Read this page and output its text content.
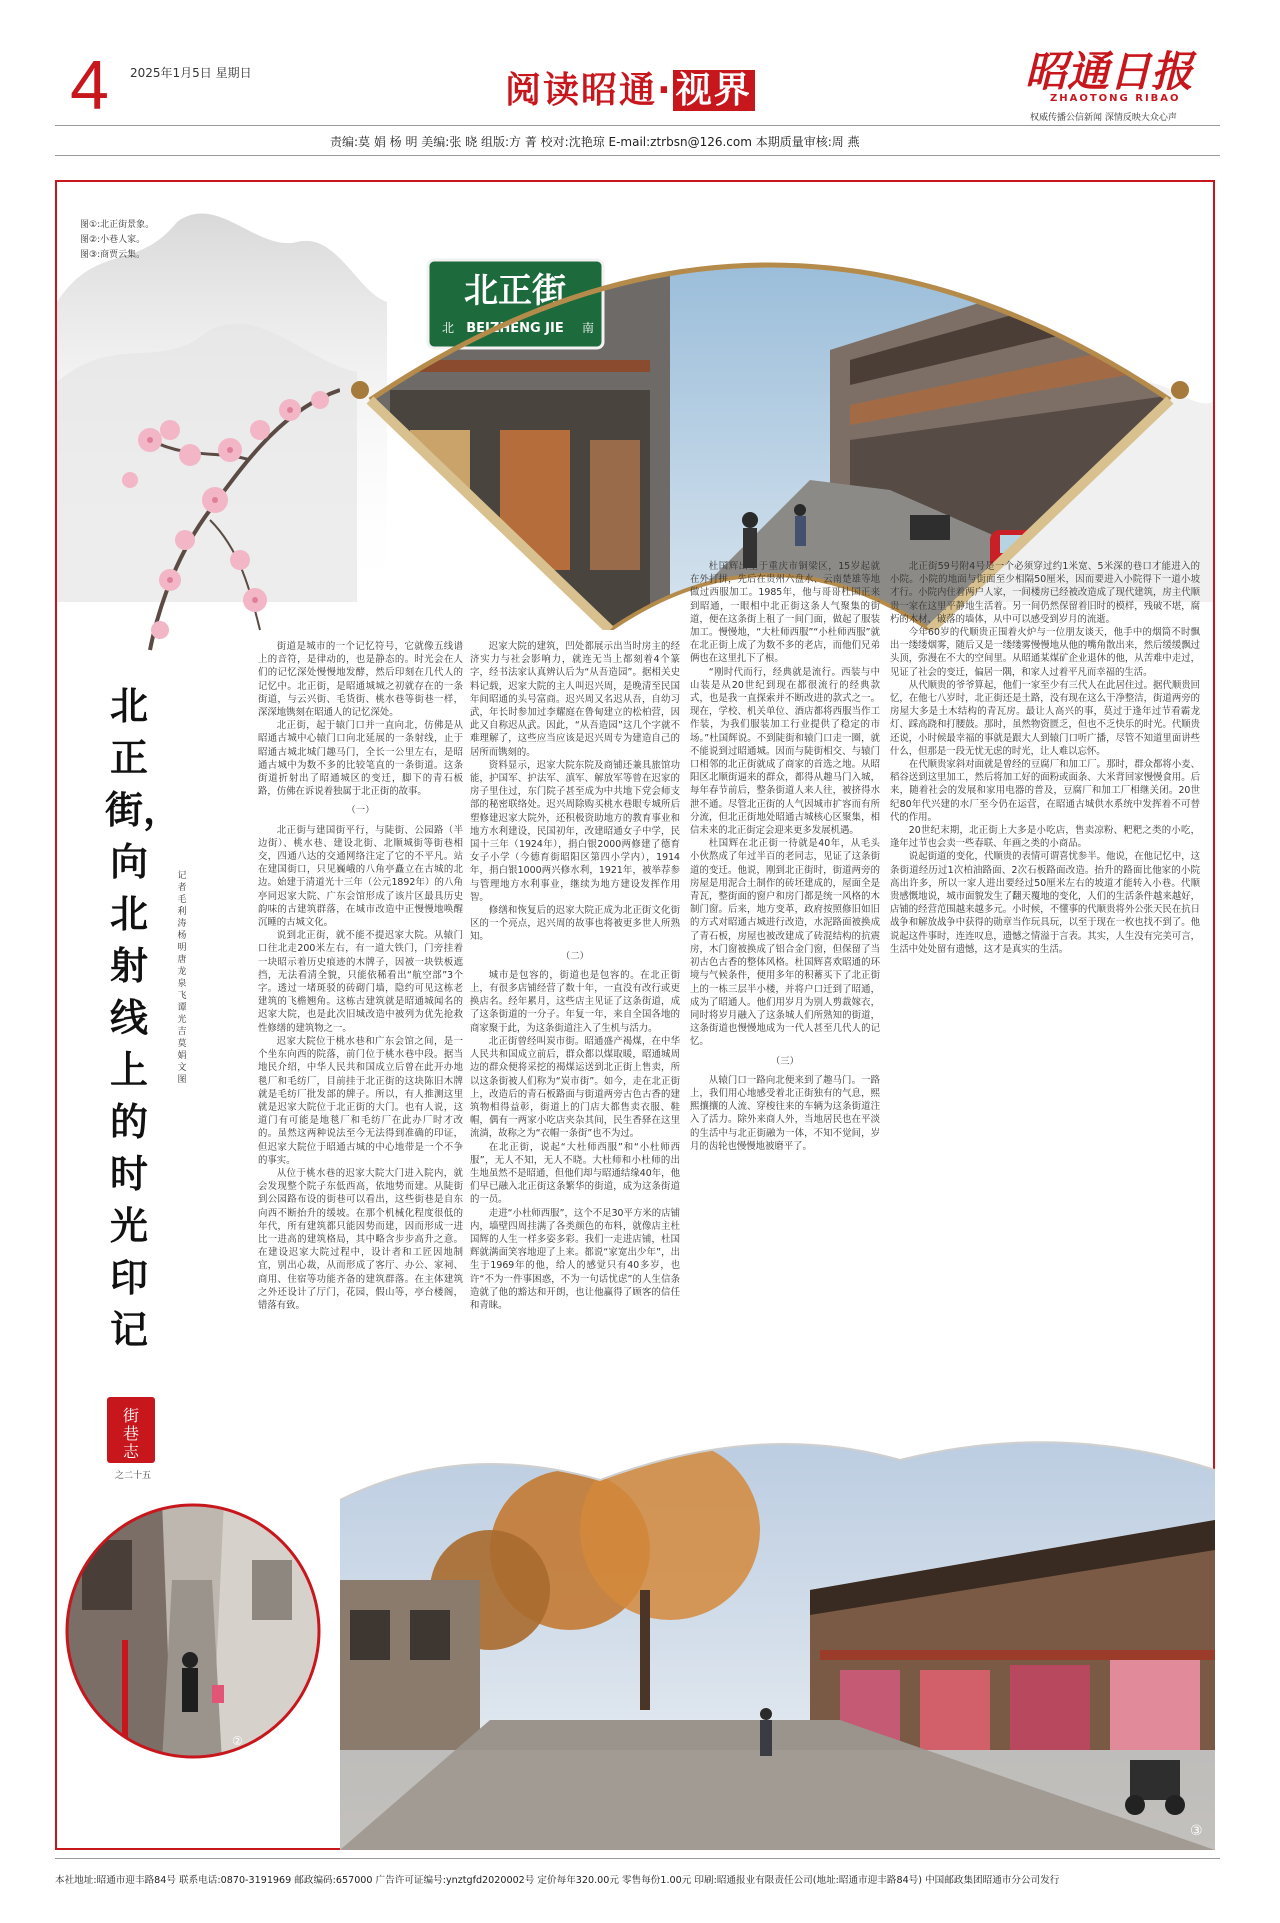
4 2025年1月5日 星期日	阅读昭通·视界	昭通日报
ZHAOTONG RIBAO
权威传播公信新闻 深情反映大众心声
责编:莫 娟 杨 明 美编:张 晓 组版:方 菁 校对:沈艳琼 E-mail:ztrbsn@126.com 本期质量审核:周 燕
图①:北正街景象。
图②:小巷人家。
图③:商贾云集。
北正街
北 BEIZHENG JIE 南
①
北正街，向北射线上的时光印记
记者 毛利涛 杨明 唐龙泉 飞 谭光吉 莫娟 文图
街
巷
志
之二十五

街道是城市的一个记忆符号，它就像五线谱上的音符，是律动的，也是静态的。时光会在人们的记忆深处慢慢地发酵，然后印刻在几代人的记忆中。北正街，是昭通城城之初就存在的一条街道，与云兴街、毛货街、桃水巷等街巷一样，深深地镌刻在昭通人的记忆深处。

北正街，起于辕门口并一直向北，仿佛是从昭通古城中心辕门口向北延展的一条射线，止于昭通古城北城门趣马门，全长一公里左右，是昭通古城中为数不多的比较笔直的一条街道。这条街道折射出了昭通城区的变迁，脚下的青石板路，仿佛在诉说着独属于北正街的故事。

（一）

北正街与建国街平行，与陡街、公园路（半边街）、桃水巷、建设北街、北顺城街等街巷相交，四通八达的交通网络注定了它的不平凡。站在建国街口，只见巍峨的八角亭矗立在古城的北边。始建于清道光十三年（公元1892年）的八角亭同迟家大院、广东会馆形成了该片区最具历史韵味的古建筑群落，在城市改造中正慢慢地唤醒沉睡的古城文化。

说到北正街，就不能不提迟家大院。从辕门口往北走200米左右，有一道大铁门，门旁挂着一块昭示着历史痕迹的木牌子，因被一块铁板遮挡，无法看清全貌，只能依稀看出“航空部”3个字。透过一堵斑驳的砖砌门墙，隐约可见这栋老建筑的飞檐翘角。这栋古建筑就是昭通城闻名的迟家大院，也是此次旧城改造中被列为优先抢救性修缮的建筑物之一。

迟家大院位于桃水巷和广东会馆之间，是一个坐东向西的院落，前门位于桃水巷中段。据当地民介绍，中华人民共和国成立后曾在此开办地毯厂和毛纺厂，目前挂于北正街的这块陈旧木牌就是毛纺厂批发部的牌子。所以，有人推测这里就是迟家大院位于北正街的大门。也有人说，这道门有可能是地毯厂和毛纺厂在此办厂时才改的。虽然这两种说法至今无法得到准确的印证，但迟家大院位于昭通古城的中心地带是一个不争的事实。

从位于桃水巷的迟家大院大门进入院内，就会发现整个院子东低西高，依地势而建。从陡街到公园路布设的街巷可以看出，这些街巷是自东向西不断抬升的缓坡。在那个机械化程度很低的年代，所有建筑都只能因势而建，因而形成一进比一进高的建筑格局，其中略含步步高升之意。在建设迟家大院过程中，设计者和工匠因地制宜，别出心裁，从而形成了客厅、办公、家祠、商用、住宿等功能齐备的建筑群落。在主体建筑之外还设计了厅门，花园，假山等，亭台楼阁，错落有致。

迟家大院的建筑，凹处都展示出当时房主的经济实力与社会影响力，就连无当上都刻着4个篆字，经书法家认真辨认后为“从吾造园”。据相关史料记载，迟家大院的主人叫迟兴周，是晚清至民国年间昭通的头号富商。迟兴周又名迟从吾，自幼习武，年长时参加过李耀庭在鲁甸建立的松柏营，因此又自称迟从武。因此，“从吾造园”这几个字就不难理解了，这些应当应该是迟兴周专为建造自己的居所而镌刻的。

资料显示，迟家大院东院及商铺还兼具旅馆功能，护国军、护法军、滇军、解放军等曾在迟家的房子里住过，东门院子甚至成为中共地下党会师支部的秘密联络处。迟兴周除购买桃水巷眼专城所后塑修建迟家大院外，还积极资助地方的教育事业和地方水利建设，民国初年，改建昭通女子中学，民国十三年（1924年），捐白银2000两修建了德育女子小学（今德育街昭阳区第四小学内），1914年，捐白银1000两兴修水利，1921年，被举荐参与管理地方水利事业，继续为地方建设发挥作用智。

修缮和恢复后的迟家大院正成为北正街文化街区的一个亮点，迟兴周的故事也将被更多世人所熟知。

（二）

城市是包容的，街道也是包容的。在北正街上，有很多店铺经营了数十年，一直没有改行或更换店名。经年累月，这些店主见证了这条街道，成了这条街道的一分子。年复一年，来自全国各地的商家聚于此，为这条街道注入了生机与活力。

北正街曾经叫炭市街。昭通盛产褐煤，在中华人民共和国成立前后，群众都以煤取暖，昭通城周边的群众便将采挖的褐煤运送到北正街上售卖，所以这条街被人们称为“炭市街”。如今，走在北正街上，改造后的青石板路面与街道两旁古色古香的建筑物相得益彰，街道上的门店大都售卖衣服、鞋帽，偶有一两家小吃店夹杂其间，民生香驿在这里流淌，故称之为“衣帽一条街”也不为过。

在北正街，说起“大杜师西服”和“小杜师西服”，无人不知，无人不晓。大杜师和小杜师的出生地虽然不是昭通，但他们却与昭通结缘40年，他们早已融入北正街这条繁华的街道，成为这条街道的一员。

走进“小杜师西服”，这个不足30平方米的店铺内，墙壁四周挂满了各类颜色的布料，就像店主杜国辉的人生一样多姿多彩。我们一走进店铺，杜国辉就满面笑容地迎了上来。都说“家宽出少年”，出生于1969年的他，给人的感觉只有40多岁，也许“不为一件事困惑，不为一句话忧虑”的人生信条造就了他的豁达和开朗，也让他赢得了顾客的信任和青睐。

杜国辉出生于重庆市铜梁区，15岁起就在外打拼，先后在贵州六盘水、云南楚雄等地做过西服加工。1985年，他与哥哥杜国正来到昭通，一眼相中北正街这条人气聚集的街道，便在这条街上租了一间门面，做起了服装加工。慢慢地，“大杜师西服”“小杜师西服”就在北正街上成了为数不多的老店，而他们兄弟俩也在这里扎下了根。

“刚时代而行，经典就是流行。西装与中山装是从20世纪到现在都很流行的经典款式，也是我一直探索并不断改进的款式之一。现在，学校、机关单位、酒店都将西服当作工作装，为我们服装加工行业提供了稳定的市场。”杜国辉说。不到陡街和辕门口走一圈，就不能说到过昭通城。因而与陡街相交、与辕门口相邻的北正街就成了商家的首选之地。从昭阳区北顺街逼来的群众，都得从趣马门入城，每年春节前后，整条街道人来人往，被挤得水泄不通。尽管北正街的人气因城市扩容而有所分流，但北正街地处昭通古城核心区聚集，相信未来的北正街定会迎来更多发展机遇。

杜国辉在北正街一待就是40年，从毛头小伙熬成了年过半百的老同志，见证了这条街道的变迁。他说，刚到北正街时，街道两旁的房屋是用泥合土制作的砖坯建成的，屋面全是青瓦，整街面的窗户和房门都是统一风格的木制门窗。后来，地方变革，政府按照修旧如旧的方式对昭通古城进行改造，水泥路面被换成了青石板，房屋也被改建成了砖混结构的抗震房，木门窗被换成了铝合金门窗，但保留了当初古色古香的整体风格。杜国辉喜欢昭通的环境与气候条件，便用多年的积蓄买下了北正街上的一栋三层半小楼，并将户口迁到了昭通，成为了昭通人。他们用岁月为别人剪裁嫁衣，同时将岁月融入了这条城人们所熟知的街道，这条街道也慢慢地成为一代人甚至几代人的记忆。

（三）

从辕门口一路向北便来到了趣马门。一路上，我们用心地感受着北正街独有的气息，熙熙攘攘的人流、穿梭往来的车辆为这条街道注入了活力。除外来商人外，当地居民也在平淡的生活中与北正街融为一体，不知不觉间，岁月的齿轮也慢慢地被磨平了。

北正街59号附4号是一个必须穿过约1米宽、5米深的巷口才能进入的小院。小院的地面与街面至少相隔50厘米，因而要进入小院得下一道小坡才行。小院内住着两户人家，一间楼房已经被改造成了现代建筑，房主代顺贵一家在这里平静地生活着。另一间仍然保留着旧时的模样，残破不堪，腐朽的木材、破落的墙体，从中可以感受到岁月的流逝。

今年60岁的代顺贵正围着火炉与一位朋友谈天，他手中的烟筒不时飘出一缕缕烟雾，随后又是一缕缕雾慢慢地从他的嘴角散出来，然后缓缓飘过头顶，弥漫在不大的空间里。从昭通某煤矿企业退休的他，从苦难中走过，见证了社会的变迁，偏居一隅，和家人过着平凡而幸福的生活。

从代顺贵的爷爷算起，他们一家至少有三代人在此居住过。据代顺贵回忆，在他七八岁时，北正街还是土路，没有现在这么干净整洁，街道两旁的房屋大多是土木结构的青瓦房。最让人高兴的事，莫过于逢年过节看霸龙灯、踩高跷和打腰鼓。那时，虽然物资匮乏，但也不乏快乐的时光。代顺贵还说，小时候最幸福的事就是跟大人到辕门口听广播，尽管不知道里面讲些什么，但那是一段无忧无虑的时光，让人难以忘怀。

在代顺贵家斜对面就是曾经的豆腐厂和加工厂。那时，群众都将小麦、稻谷送到这里加工，然后将加工好的面粉或面条、大米背回家慢慢食用。后来，随着社会的发展和家用电器的普及，豆腐厂和加工厂相继关闭。20世纪80年代兴建的水厂至今仍在运营，在昭通古城供水系统中发挥着不可替代的作用。

20世纪末期，北正街上大多是小吃店，售卖凉粉、粑粑之类的小吃，逢年过节也会卖一些春联、年画之类的小商品。

说起街道的变化，代顺贵的表情可谓喜忧参半。他说，在他记忆中，这条街道经历过1次柏油路面、2次石板路面改造。抬升的路面比他家的小院高出许多，所以一家人进出要经过50厘米左右的坡道才能转入小巷。代顺贵感慨地说，城市面貌发生了翻天覆地的变化，人们的生活条件越来越好，店铺的经营范围越来越多元。小时候，不懂事的代顺贵将外公张天民在抗日战争和解放战争中获得的勋章当作玩具玩，以至于现在一枚也找不到了。他说起这件事时，连连叹息，遗憾之情溢于言表。其实，人生没有完美可言，生活中处处留有遗憾，这才是真实的生活。

③
②
本社地址:昭通市迎丰路84号 联系电话:0870-3191969 邮政编码:657000 广告许可证编号:ynztgfd2020002号 定价每年320.00元 零售每份1.00元 印刷:昭通报业有限责任公司(地址:昭通市迎丰路84号) 中国邮政集团昭通市分公司发行
